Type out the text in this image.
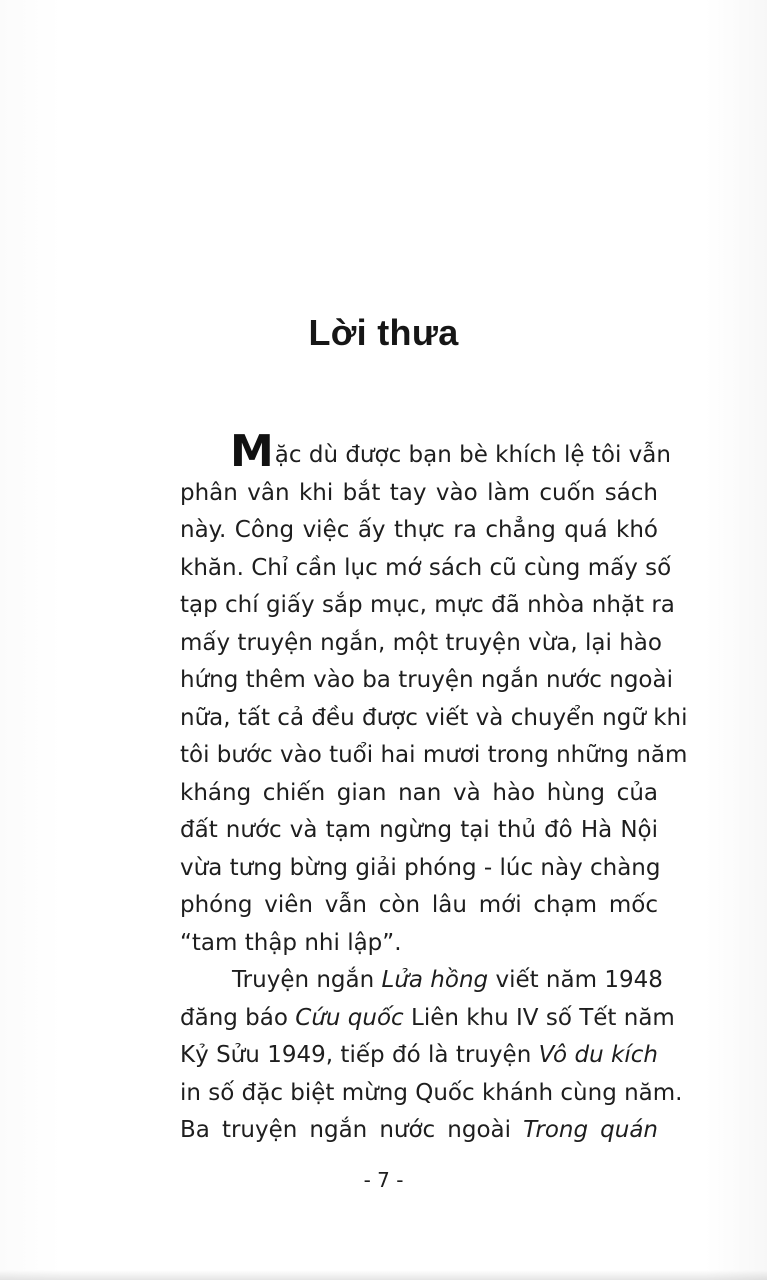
Lời thưa
Mặc dù được bạn bè khích lệ tôi vẫn
phân vân khi bắt tay vào làm cuốn sách
này. Công việc ấy thực ra chẳng quá khó
khăn. Chỉ cần lục mớ sách cũ cùng mấy số
tạp chí giấy sắp mục, mực đã nhòa nhặt ra
mấy truyện ngắn, một truyện vừa, lại hào
hứng thêm vào ba truyện ngắn nước ngoài
nữa, tất cả đều được viết và chuyển ngữ khi
tôi bước vào tuổi hai mươi trong những năm
kháng chiến gian nan và hào hùng của
đất nước và tạm ngừng tại thủ đô Hà Nội
vừa tưng bừng giải phóng - lúc này chàng
phóng viên vẫn còn lâu mới chạm mốc
“tam thập nhi lập”.
Truyện ngắn Lửa hồng viết năm 1948
đăng báo Cứu quốc Liên khu IV số Tết năm
Kỷ Sửu 1949, tiếp đó là truyện Vô du kích
in số đặc biệt mừng Quốc khánh cùng năm.
Ba truyện ngắn nước ngoài Trong quán
- 7 -
